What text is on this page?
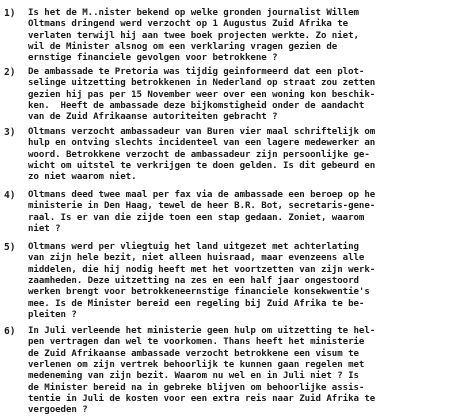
1) Is het de M..nister bekend op welke gronden journalist Willem
Oltmans dringend werd verzocht op 1 Augustus Zuid Afrika te
verlaten terwijl hij aan twee boek projecten werkte. Zo niet,
wil de Minister alsnog om een verklaring vragen gezien de
ernstige financiele gevolgen voor betrokkene ?
2) De ambassade te Pretoria was tijdig geinformeerd dat een plot-
selinge uitzetting betrokkenen in Nederland op straat zou zetten
gezien hij pas per 15 November weer over een woning kon beschik-
ken.  Heeft de ambassade deze bijkomstigheid onder de aandacht
van de Zuid Afrikaanse autoriteiten gebracht ?
3) Oltmans verzocht ambassadeur van Buren vier maal schriftelijk om
hulp en ontving slechts incidenteel van een lagere medewerker an
woord. Betrokkene verzocht de ambassadeur zijn persoonlijke ge-
wicht om uitstel te verkrijgen te doen gelden. Is dit gebeurd en
zo niet waarom niet.
4) Oltmans deed twee maal per fax via de ambassade een beroep op he
ministerie in Den Haag, tewel de heer B.R. Bot, secretaris-gene-
raal. Is er van die zijde toen een stap gedaan. Zoniet, waarom
niet ?
5) Oltmans werd per vliegtuig het land uitgezet met achterlating
van zijn hele bezit, niet alleen huisraad, maar evenzeens alle
middelen, die hij nodig heeft met het voortzetten van zijn werk-
zaamheden. Deze uitzetting na zes en een half jaar ongestoord
werken brengt voor betrokkeneernstige financiele konsekwentie's
mee. Is de Minister bereid een regeling bij Zuid Afrika te be-
pleiten ?
6) In Juli verleende het ministerie geen hulp om uitzetting te hel-
pen vertragen dan wel te voorkomen. Thans heeft het ministerie
de Zuid Afrikaanse ambassade verzocht betrokkene een visum te
verlenen om zijn vertrek behoorlijk te kunnen gaan regelen met
medeneming van zijn bezit. Waarom nu wel en in Juli niet ? Is
de Minister bereid na in gebreke blijven om behoorlijke assis-
tentie in Juli de kosten voor een extra reis naar Zuid Afrika te
vergoeden ?
